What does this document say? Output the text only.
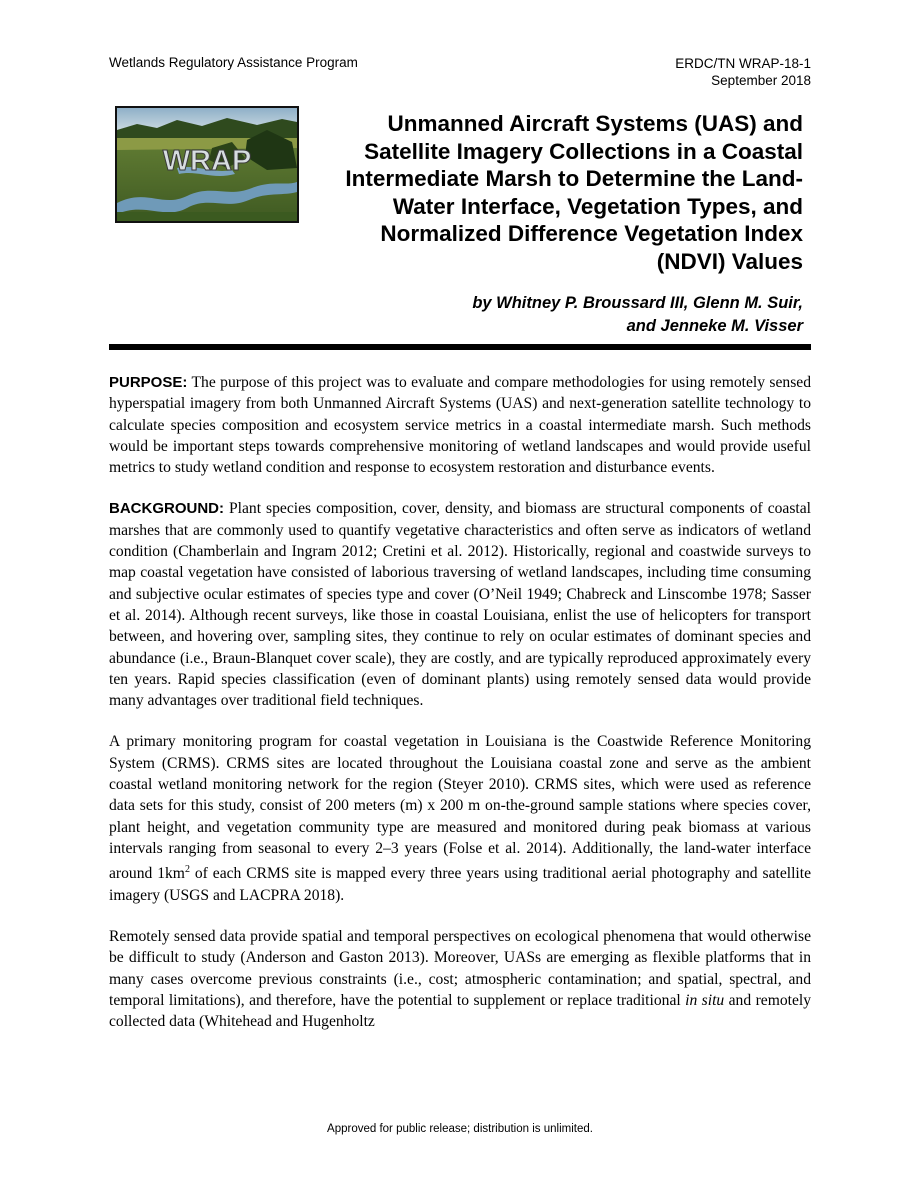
Wetlands Regulatory Assistance Program	ERDC/TN WRAP-18-1
September 2018
WRAP
Unmanned Aircraft Systems (UAS) and
Satellite Imagery Collections in a Coastal
Intermediate Marsh to Determine the Land-
Water Interface, Vegetation Types, and
Normalized Difference Vegetation Index
(NDVI) Values
by Whitney P. Broussard III, Glenn M. Suir,
and Jenneke M. Visser

PURPOSE: The purpose of this project was to evaluate and compare methodologies for using remotely sensed hyperspatial imagery from both Unmanned Aircraft Systems (UAS) and next-generation satellite technology to calculate species composition and ecosystem service metrics in a coastal intermediate marsh. Such methods would be important steps towards comprehensive monitoring of wetland landscapes and would provide useful metrics to study wetland condition and response to ecosystem restoration and disturbance events.

BACKGROUND: Plant species composition, cover, density, and biomass are structural components of coastal marshes that are commonly used to quantify vegetative characteristics and often serve as indicators of wetland condition (Chamberlain and Ingram 2012; Cretini et al. 2012). Historically, regional and coastwide surveys to map coastal vegetation have consisted of laborious traversing of wetland landscapes, including time consuming and subjective ocular estimates of species type and cover (O’Neil 1949; Chabreck and Linscombe 1978; Sasser et al. 2014). Although recent surveys, like those in coastal Louisiana, enlist the use of helicopters for transport between, and hovering over, sampling sites, they continue to rely on ocular estimates of dominant species and abundance (i.e., Braun-Blanquet cover scale), they are costly, and are typically reproduced approximately every ten years. Rapid species classification (even of dominant plants) using remotely sensed data would provide many advantages over traditional field techniques.

A primary monitoring program for coastal vegetation in Louisiana is the Coastwide Reference Monitoring System (CRMS). CRMS sites are located throughout the Louisiana coastal zone and serve as the ambient coastal wetland monitoring network for the region (Steyer 2010). CRMS sites, which were used as reference data sets for this study, consist of 200 meters (m) x 200 m on-the-ground sample stations where species cover, plant height, and vegetation community type are measured and monitored during peak biomass at various intervals ranging from seasonal to every 2–3 years (Folse et al. 2014). Additionally, the land-water interface around $1km^2$ of each CRMS site is mapped every three years using traditional aerial photography and satellite imagery (USGS and LACPRA 2018).

Remotely sensed data provide spatial and temporal perspectives on ecological phenomena that would otherwise be difficult to study (Anderson and Gaston 2013). Moreover, UASs are emerging as flexible platforms that in many cases overcome previous constraints (i.e., cost; atmospheric contamination; and spatial, spectral, and temporal limitations), and therefore, have the potential to supplement or replace traditional in situ and remotely collected data (Whitehead and Hugenholtz

Approved for public release; distribution is unlimited.
